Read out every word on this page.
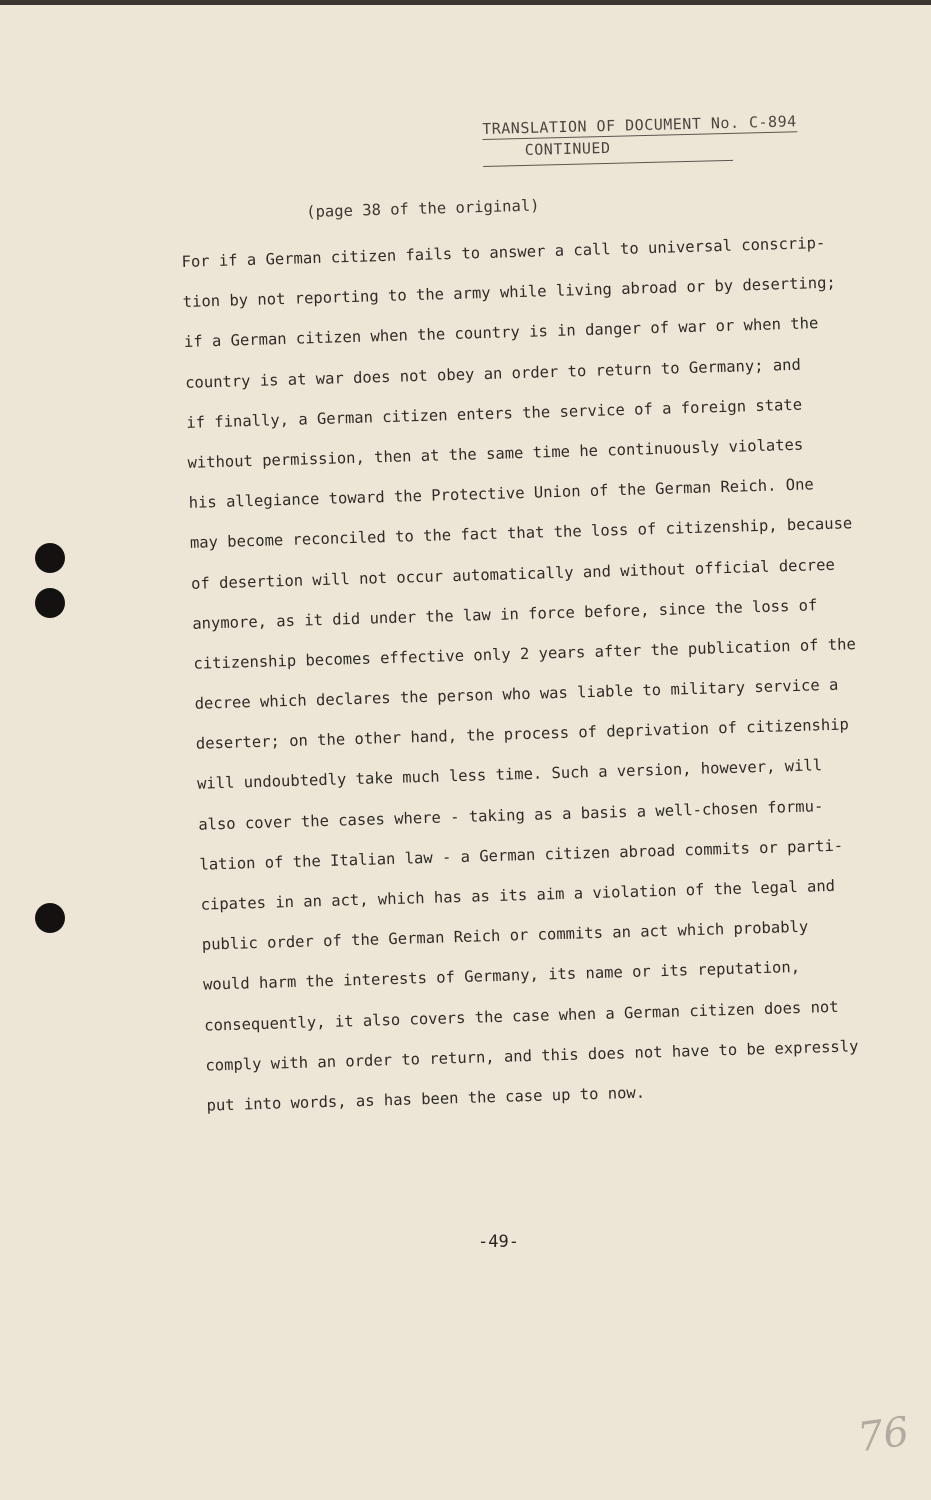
TRANSLATION OF DOCUMENT No. C-894
CONTINUED
(page 38 of the original)
For if a German citizen fails to answer a call to universal conscrip-
tion by not reporting to the army while living abroad or by deserting;
if a German citizen when the country is in danger of war or when the
country is at war does not obey an order to return to Germany; and
if finally, a German citizen enters the service of a foreign state
without permission, then at the same time he continuously violates
his allegiance toward the Protective Union of the German Reich. One
may become reconciled to the fact that the loss of citizenship, because
of desertion will not occur automatically and without official decree
anymore, as it did under the law in force before, since the loss of
citizenship becomes effective only 2 years after the publication of the
decree which declares the person who was liable to military service a
deserter; on the other hand, the process of deprivation of citizenship
will undoubtedly take much less time. Such a version, however, will
also cover the cases where - taking as a basis a well-chosen formu-
lation of the Italian law - a German citizen abroad commits or parti-
cipates in an act, which has as its aim a violation of the legal and
public order of the German Reich or commits an act which probably
would harm the interests of Germany, its name or its reputation,
consequently, it also covers the case when a German citizen does not
comply with an order to return, and this does not have to be expressly
put into words, as has been the case up to now.
-49-
76
